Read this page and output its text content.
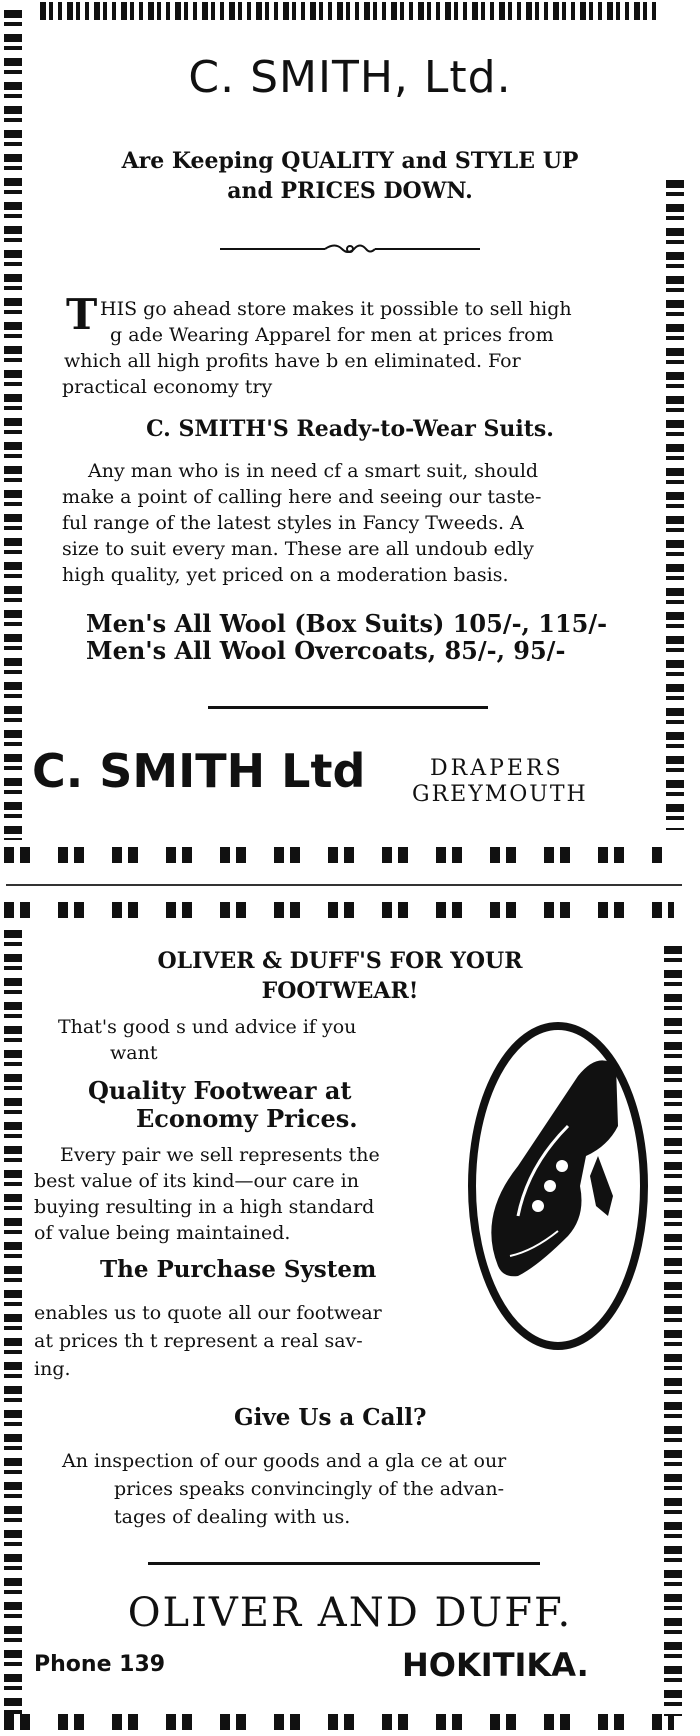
C. SMITH, Ltd.
Are Keeping QUALITY and STYLE UP
and PRICES DOWN.
T HIS go ahead store makes it possible to sell high
g ade Wearing Apparel for men at prices from
which all high profits have b en eliminated. For
practical economy try
C. SMITH'S Ready-to-Wear Suits.
Any man who is in need cf a smart suit, should
make a point of calling here and seeing our taste-
ful range of the latest styles in Fancy Tweeds. A
size to suit every man. These are all undoub edly
high quality, yet priced on a moderation basis.
Men's All Wool (Box Suits) 105/-, 115/-
Men's All Wool Overcoats, 85/-, 95/-
C. SMITH Ltd	DRAPERS
GREYMOUTH
OLIVER & DUFF'S FOR YOUR
FOOTWEAR!
That's good s und advice if you
want
Quality Footwear at
Economy Prices.
Every pair we sell represents the
best value of its kind—our care in
buying resulting in a high standard
of value being maintained.
The Purchase System
enables us to quote all our footwear
at prices th t represent a real sav-
ing.
Give Us a Call?
An inspection of our goods and a gla ce at our
prices speaks convincingly of the advan-
tages of dealing with us.
OLIVER AND DUFF.
Phone 139	HOKITIKA.
